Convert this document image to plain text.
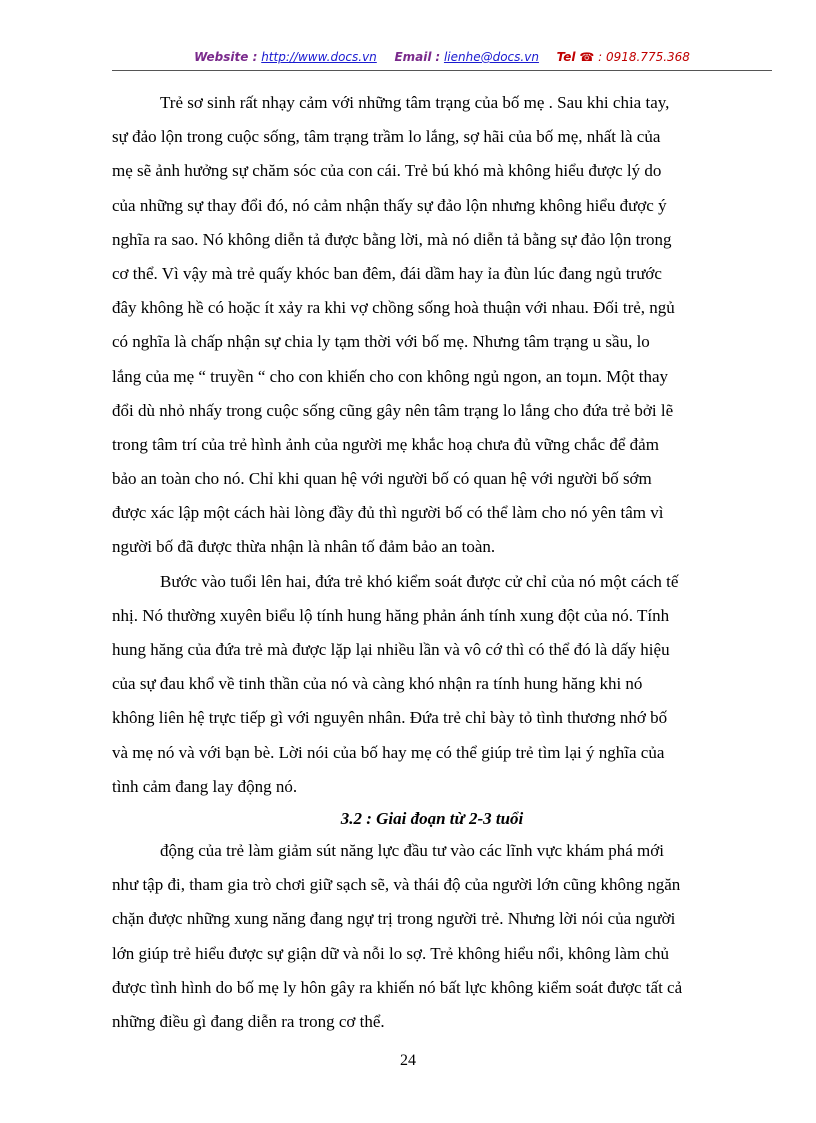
Website : http://www.docs.vn Email : lienhe@docs.vn Tel ☎ : 0918.775.368
Trẻ sơ sinh rất nhạy cảm với những tâm trạng của bố mẹ . Sau khi chia tay,
sự đảo lộn trong cuộc sống, tâm trạng trầm lo lắng, sợ hãi của bố mẹ, nhất là của
mẹ sẽ ảnh hưởng sự chăm sóc của con cái. Trẻ bú khó mà không hiểu được lý do
của những sự thay đổi đó, nó cảm nhận thấy sự đảo lộn nhưng không hiểu được ý
nghĩa ra sao. Nó không diễn tả được bằng lời, mà nó diễn tả bằng sự đảo lộn trong
cơ thể. Vì vậy mà trẻ quấy khóc ban đêm, đái dầm hay ỉa đùn lúc đang ngủ trước
đây không hề có hoặc ít xảy ra khi vợ chồng sống hoà thuận với nhau. Đối trẻ, ngủ
có nghĩa là chấp nhận sự chia ly tạm thời với bố mẹ. Nhưng tâm trạng u sầu, lo
lắng của mẹ “ truyền “ cho con khiến cho con không ngủ ngon, an toµn. Một thay
đổi dù nhỏ nhấy trong cuộc sống cũng gây nên tâm trạng lo lắng cho đứa trẻ bởi lẽ
trong tâm trí của trẻ hình ảnh của người mẹ khắc hoạ chưa đủ vững chắc để đảm
bảo an toàn cho nó. Chỉ khi quan hệ với người bố có quan hệ với người bố sớm
được xác lập một cách hài lòng đầy đủ thì người bố có thể làm cho nó yên tâm vì
người bố đã được thừa nhận là nhân tố đảm bảo an toàn.
Bước vào tuổi lên hai, đứa trẻ khó kiểm soát được cử chỉ của nó một cách tế
nhị. Nó thường xuyên biểu lộ tính hung hăng phản ánh tính xung đột của nó. Tính
hung hăng của đứa trẻ mà được lặp lại nhiều lần và vô cớ thì có thể đó là dấy hiệu
của sự đau khổ về tinh thần của nó và càng khó nhận ra tính hung hăng khi nó
không liên hệ trực tiếp gì với nguyên nhân. Đứa trẻ chỉ bày tỏ tình thương nhớ bố
và mẹ nó và với bạn bè. Lời nói của bố hay mẹ có thể giúp trẻ tìm lại ý nghĩa của
tình cảm đang lay động nó.
3.2 : Giai đoạn từ 2-3 tuổi
động của trẻ làm giảm sút năng lực đầu tư vào các lĩnh vực khám phá mới
như tập đi, tham gia trò chơi giữ sạch sẽ, và thái độ của người lớn cũng không ngăn
chặn được những xung năng đang ngự trị trong người trẻ. Nhưng lời nói của người
lớn giúp trẻ hiểu được sự giận dữ và nỗi lo sợ. Trẻ không hiểu nổi, không làm chủ
được tình hình do bố mẹ ly hôn gây ra khiến nó bất lực không kiểm soát được tất cả
những điều gì đang diễn ra trong cơ thể.
24
